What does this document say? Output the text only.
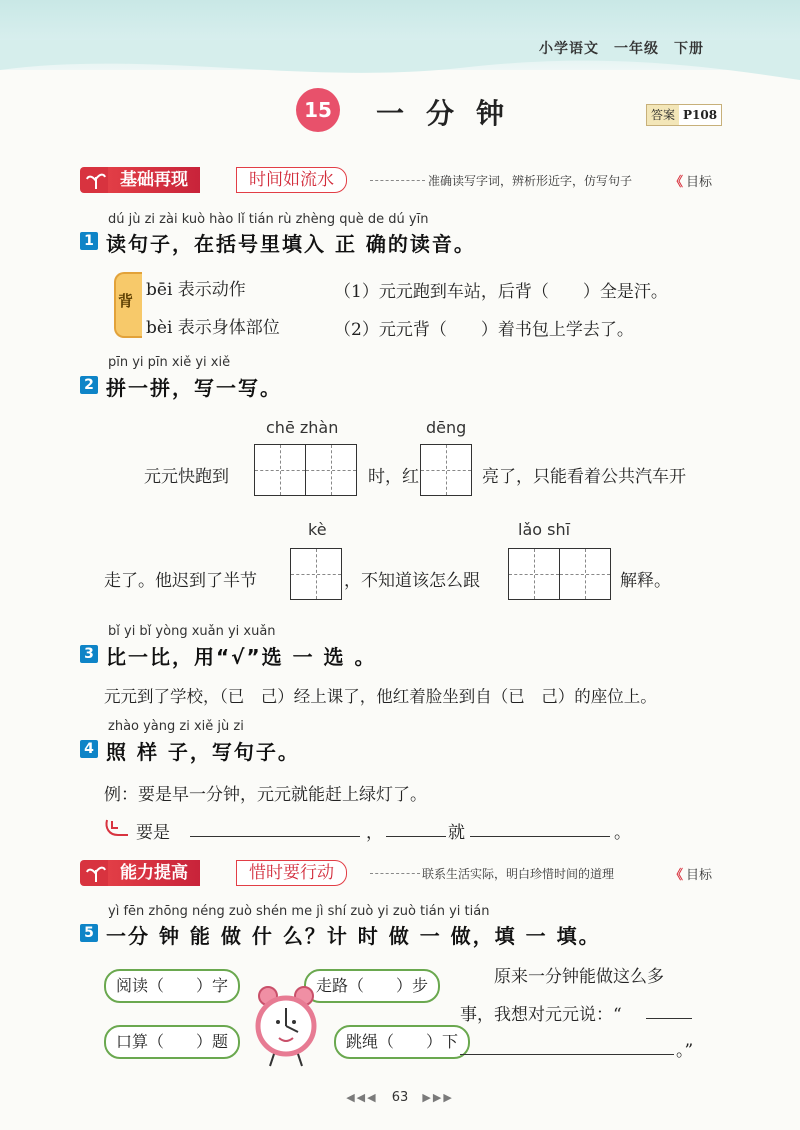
小学语文　一年级　下册
15 一分钟	答案 P108
基础再现	时间如流水	准确读写字词，辨析形近字，仿写句子	《 目标
dú jù zi zài kuò hào lǐ tián rù zhèng què de dú yīn
1 读句子，在括号里填入 正 确的读音。
背
bēi 表示动作
bèi 表示身体部位
（1）元元跑到车站，后背（　　）全是汗。
（2）元元背（　　）着书包上学去了。
pīn yi pīn xiě yi xiě
2 拼一拼，写一写。
chē zhàn	dēng
元元快跑到	时，红	亮了，只能看着公共汽车开
kè	lǎo shī
走了。他迟到了半节	，不知道该怎么跟	解释。
bǐ yi bǐ yòng xuǎn yi xuǎn
3 比一比，用“√”选 一 选 。
元元到了学校，（已　己）经上课了，他红着脸坐到自（已　己）的座位上。
zhào yàng zi xiě jù zi
4 照 样 子，写句子。
例：要是早一分钟，元元就能赶上绿灯了。
要是	，	就	。
能力提高	惜时要行动	联系生活实际，明白珍惜时间的道理	《 目标
yì fēn zhōng néng zuò shén me jì shí zuò yi zuò tián yi tián
5 一分 钟 能 做 什 么？计 时 做 一 做，填 一 填。
阅读（　　）字	走路（　　）步
口算（　　）题	跳绳（　　）下
原来一分钟能做这么多
事，我想对元元说：“
。”
◀◀◀ 63 ▶▶▶
